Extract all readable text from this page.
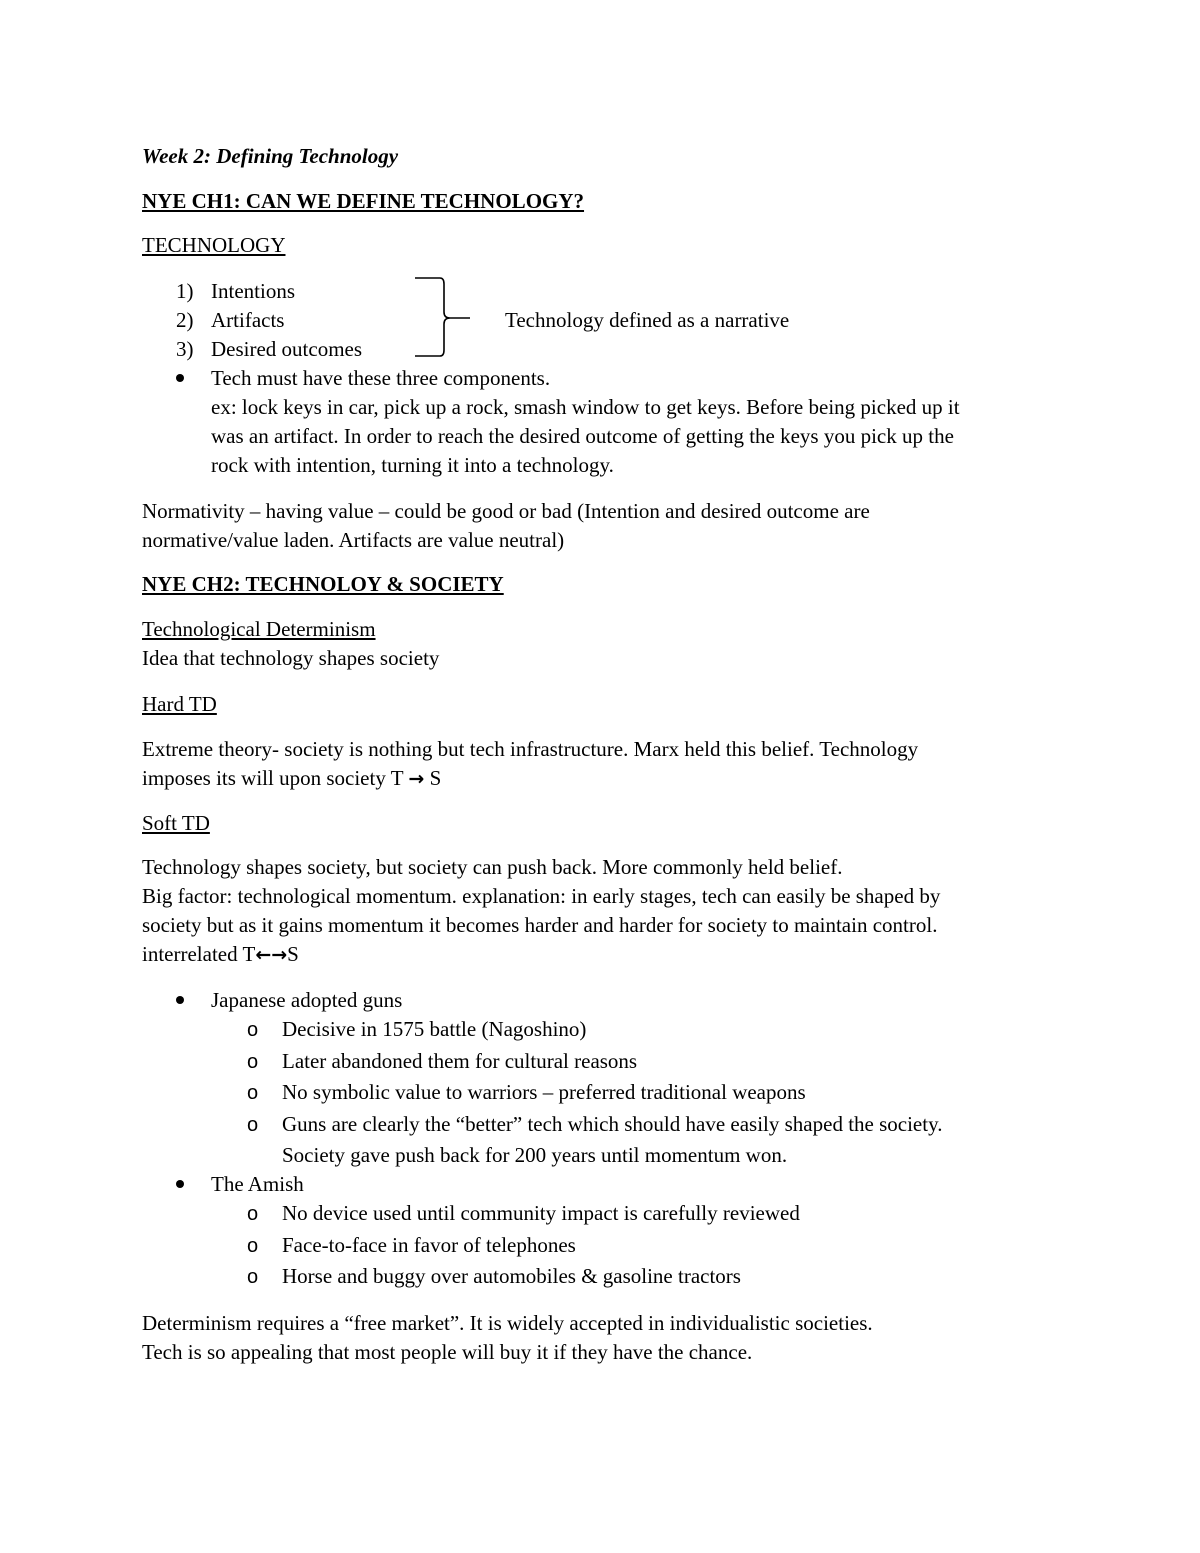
Week 2: Defining Technology
NYE CH1: CAN WE DEFINE TECHNOLOGY?
TECHNOLOGY
1) Intentions
2) Artifacts
3) Desired outcomes
Technology defined as a narrative
Tech must have these three components.
ex: lock keys in car, pick up a rock, smash window to get keys. Before being picked up it
was an artifact. In order to reach the desired outcome of getting the keys you pick up the
rock with intention, turning it into a technology.
Normativity – having value – could be good or bad (Intention and desired outcome are
normative/value laden. Artifacts are value neutral)
NYE CH2: TECHNOLOY & SOCIETY
Technological Determinism
Idea that technology shapes society
Hard TD
Extreme theory- society is nothing but tech infrastructure. Marx held this belief. Technology
imposes its will upon society T → S
Soft TD
Technology shapes society, but society can push back. More commonly held belief.
Big factor: technological momentum. explanation: in early stages, tech can easily be shaped by
society but as it gains momentum it becomes harder and harder for society to maintain control.
interrelated T←→S
Japanese adopted guns
o Decisive in 1575 battle (Nagoshino)
o Later abandoned them for cultural reasons
o No symbolic value to warriors – preferred traditional weapons
o Guns are clearly the “better” tech which should have easily shaped the society.
Society gave push back for 200 years until momentum won.
The Amish
o No device used until community impact is carefully reviewed
o Face-to-face in favor of telephones
o Horse and buggy over automobiles & gasoline tractors
Determinism requires a “free market”. It is widely accepted in individualistic societies.
Tech is so appealing that most people will buy it if they have the chance.
